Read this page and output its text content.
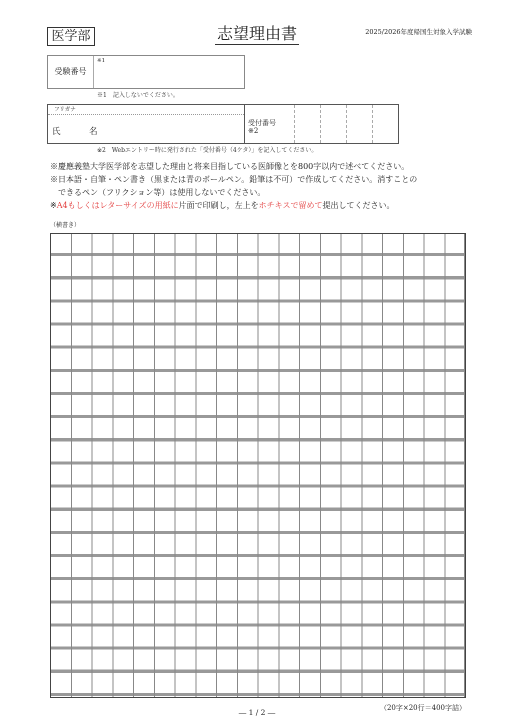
医学部	志望理由書	2025/2026年度帰国生対象入学試験
受験番号
※1
※1　記入しないでください。
フリガナ
氏　名
受付番号
※2
※2　Webエントリー時に発行された「受付番号（4ケタ）」を記入してください。
※慶應義塾大学医学部を志望した理由と将来目指している医師像とを800字以内で述べてください。
※日本語・自筆・ペン書き（黒または青のボールペン。鉛筆は不可）で作成してください。消すことの
　できるペン（フリクション等）は使用しないでください。
※A4もしくはレターサイズの用紙に片面で印刷し，左上をホチキスで留めて提出してください。
（横書き）
（20字×20行＝400字詰）
― 1 / 2 ―
